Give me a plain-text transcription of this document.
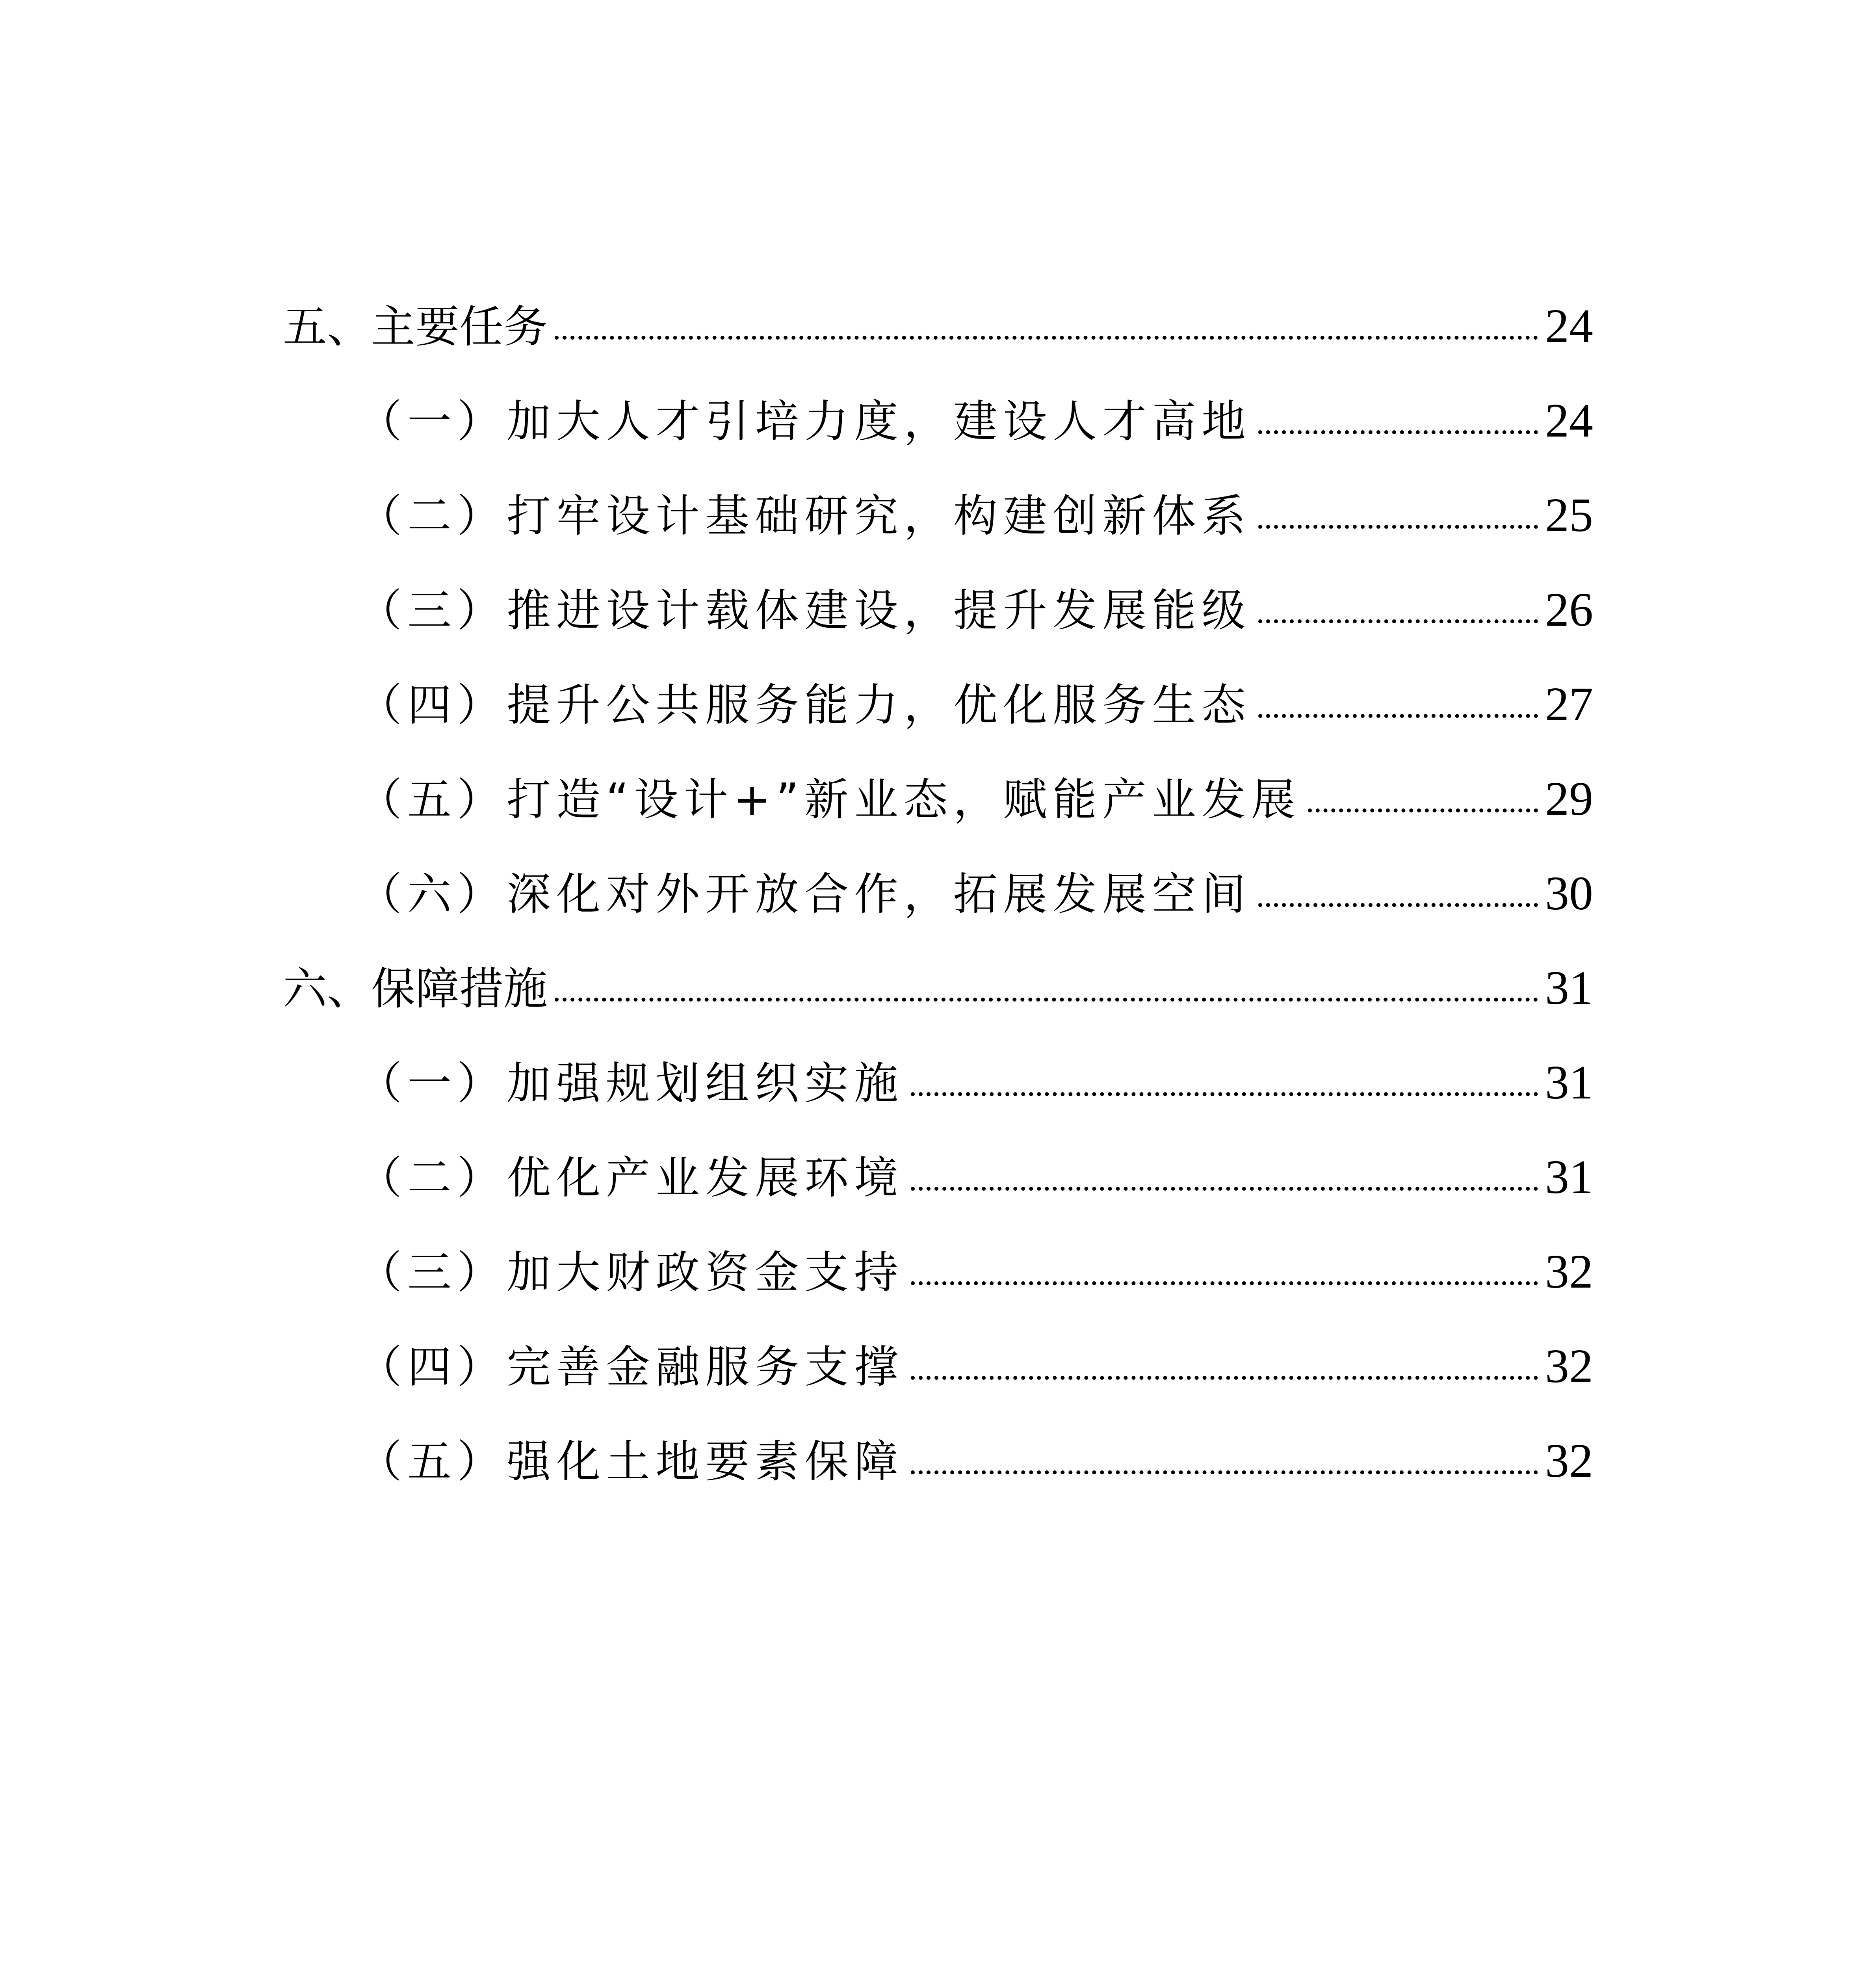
五、主要任务	24
（一）加大人才引培力度，建设人才高地	24
（二）打牢设计基础研究，构建创新体系	25
（三）推进设计载体建设，提升发展能级	26
（四）提升公共服务能力，优化服务生态	27
（五）打造“设计+”新业态，赋能产业发展	29
（六）深化对外开放合作，拓展发展空间	30
六、保障措施	31
（一）加强规划组织实施	31
（二）优化产业发展环境	31
（三）加大财政资金支持	32
（四）完善金融服务支撑	32
（五）强化土地要素保障	32
